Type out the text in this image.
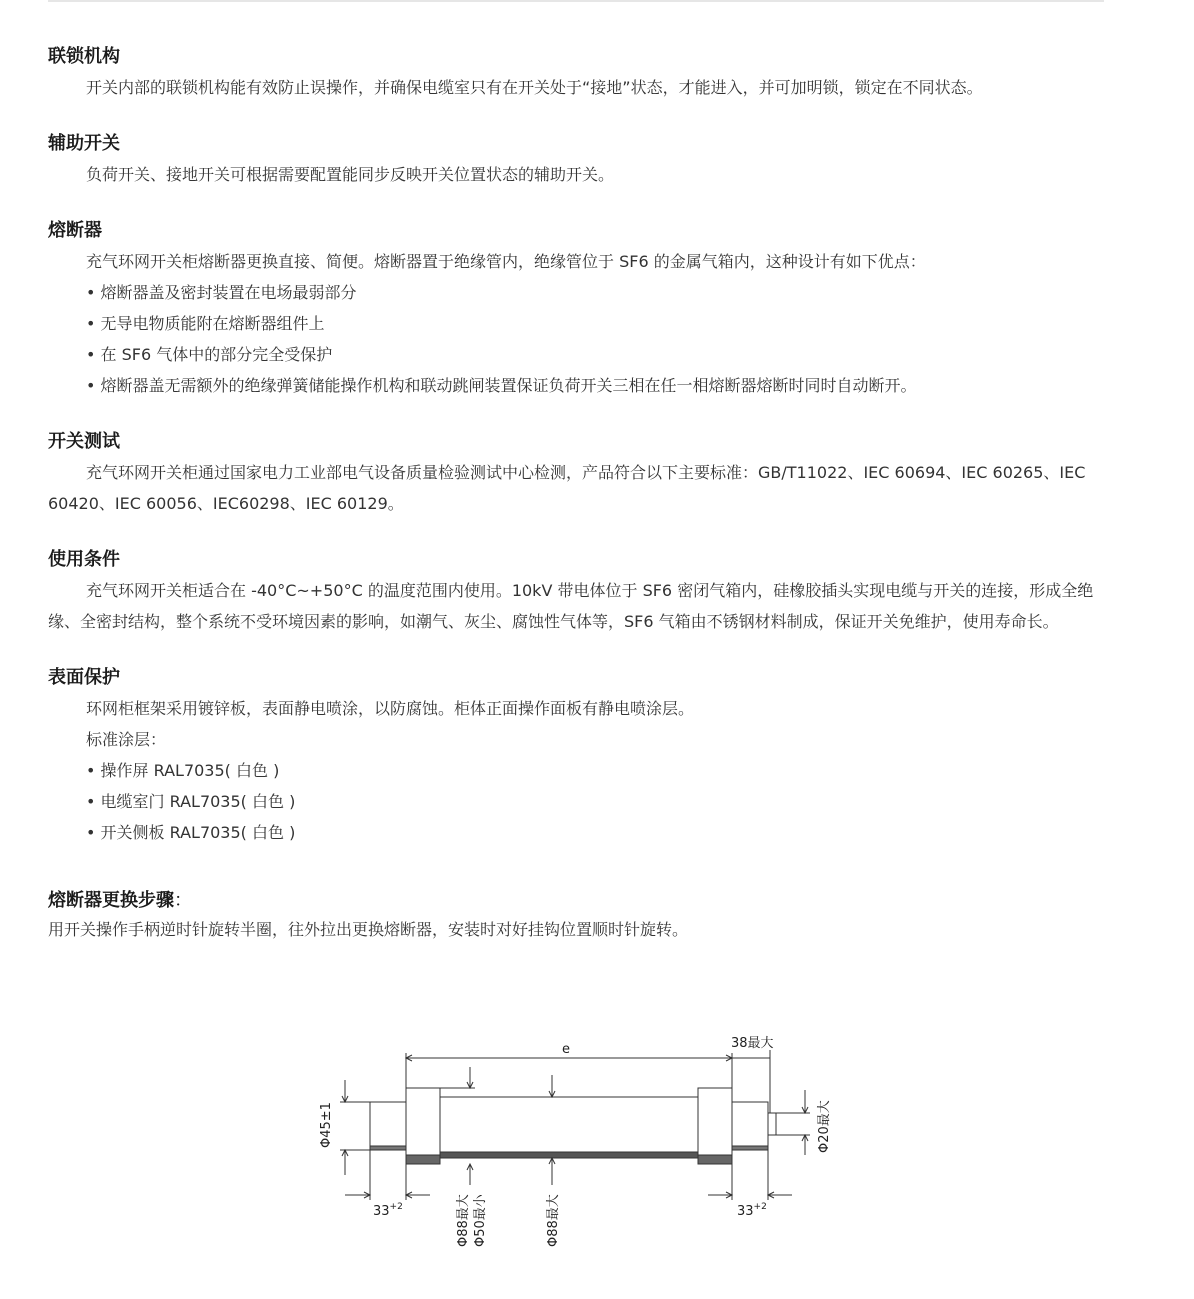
联锁机构

开关内部的联锁机构能有效防止误操作，并确保电缆室只有在开关处于“接地”状态，才能进入，并可加明锁，锁定在不同状态。

辅助开关

负荷开关、接地开关可根据需要配置能同步反映开关位置状态的辅助开关。

熔断器

充气环网开关柜熔断器更换直接、简便。熔断器置于绝缘管内，绝缘管位于 SF6 的金属气箱内，这种设计有如下优点：

• 熔断器盖及密封装置在电场最弱部分

• 无导电物质能附在熔断器组件上

• 在 SF6 气体中的部分完全受保护

• 熔断器盖无需额外的绝缘弹簧储能操作机构和联动跳闸装置保证负荷开关三相在任一相熔断器熔断时同时自动断开。

开关测试

充气环网开关柜通过国家电力工业部电气设备质量检验测试中心检测，产品符合以下主要标准：GB/T11022、IEC 60694、IEC 60265、IEC 60420、IEC 60056、IEC60298、IEC 60129。

使用条件

充气环网开关柜适合在 -40°C~+50°C 的温度范围内使用。10kV 带电体位于 SF6 密闭气箱内，硅橡胶插头实现电缆与开关的连接，形成全绝缘、全密封结构，整个系统不受环境因素的影响，如潮气、灰尘、腐蚀性气体等，SF6 气箱由不锈钢材料制成，保证开关免维护，使用寿命长。

表面保护

环网柜框架采用镀锌板，表面静电喷涂，以防腐蚀。柜体正面操作面板有静电喷涂层。

标准涂层：

• 操作屏 RAL7035( 白色 )

• 电缆室门 RAL7035( 白色 )

• 开关侧板 RAL7035( 白色 )

熔断器更换步骤：

用开关操作手柄逆时针旋转半圈，往外拉出更换熔断器，安装时对好挂钩位置顺时针旋转。

e	38最大
Φ45±1	Φ20最大
$33^{+2}$	$33^{+2}$
Φ88最大 Φ50最小	Φ88最大
